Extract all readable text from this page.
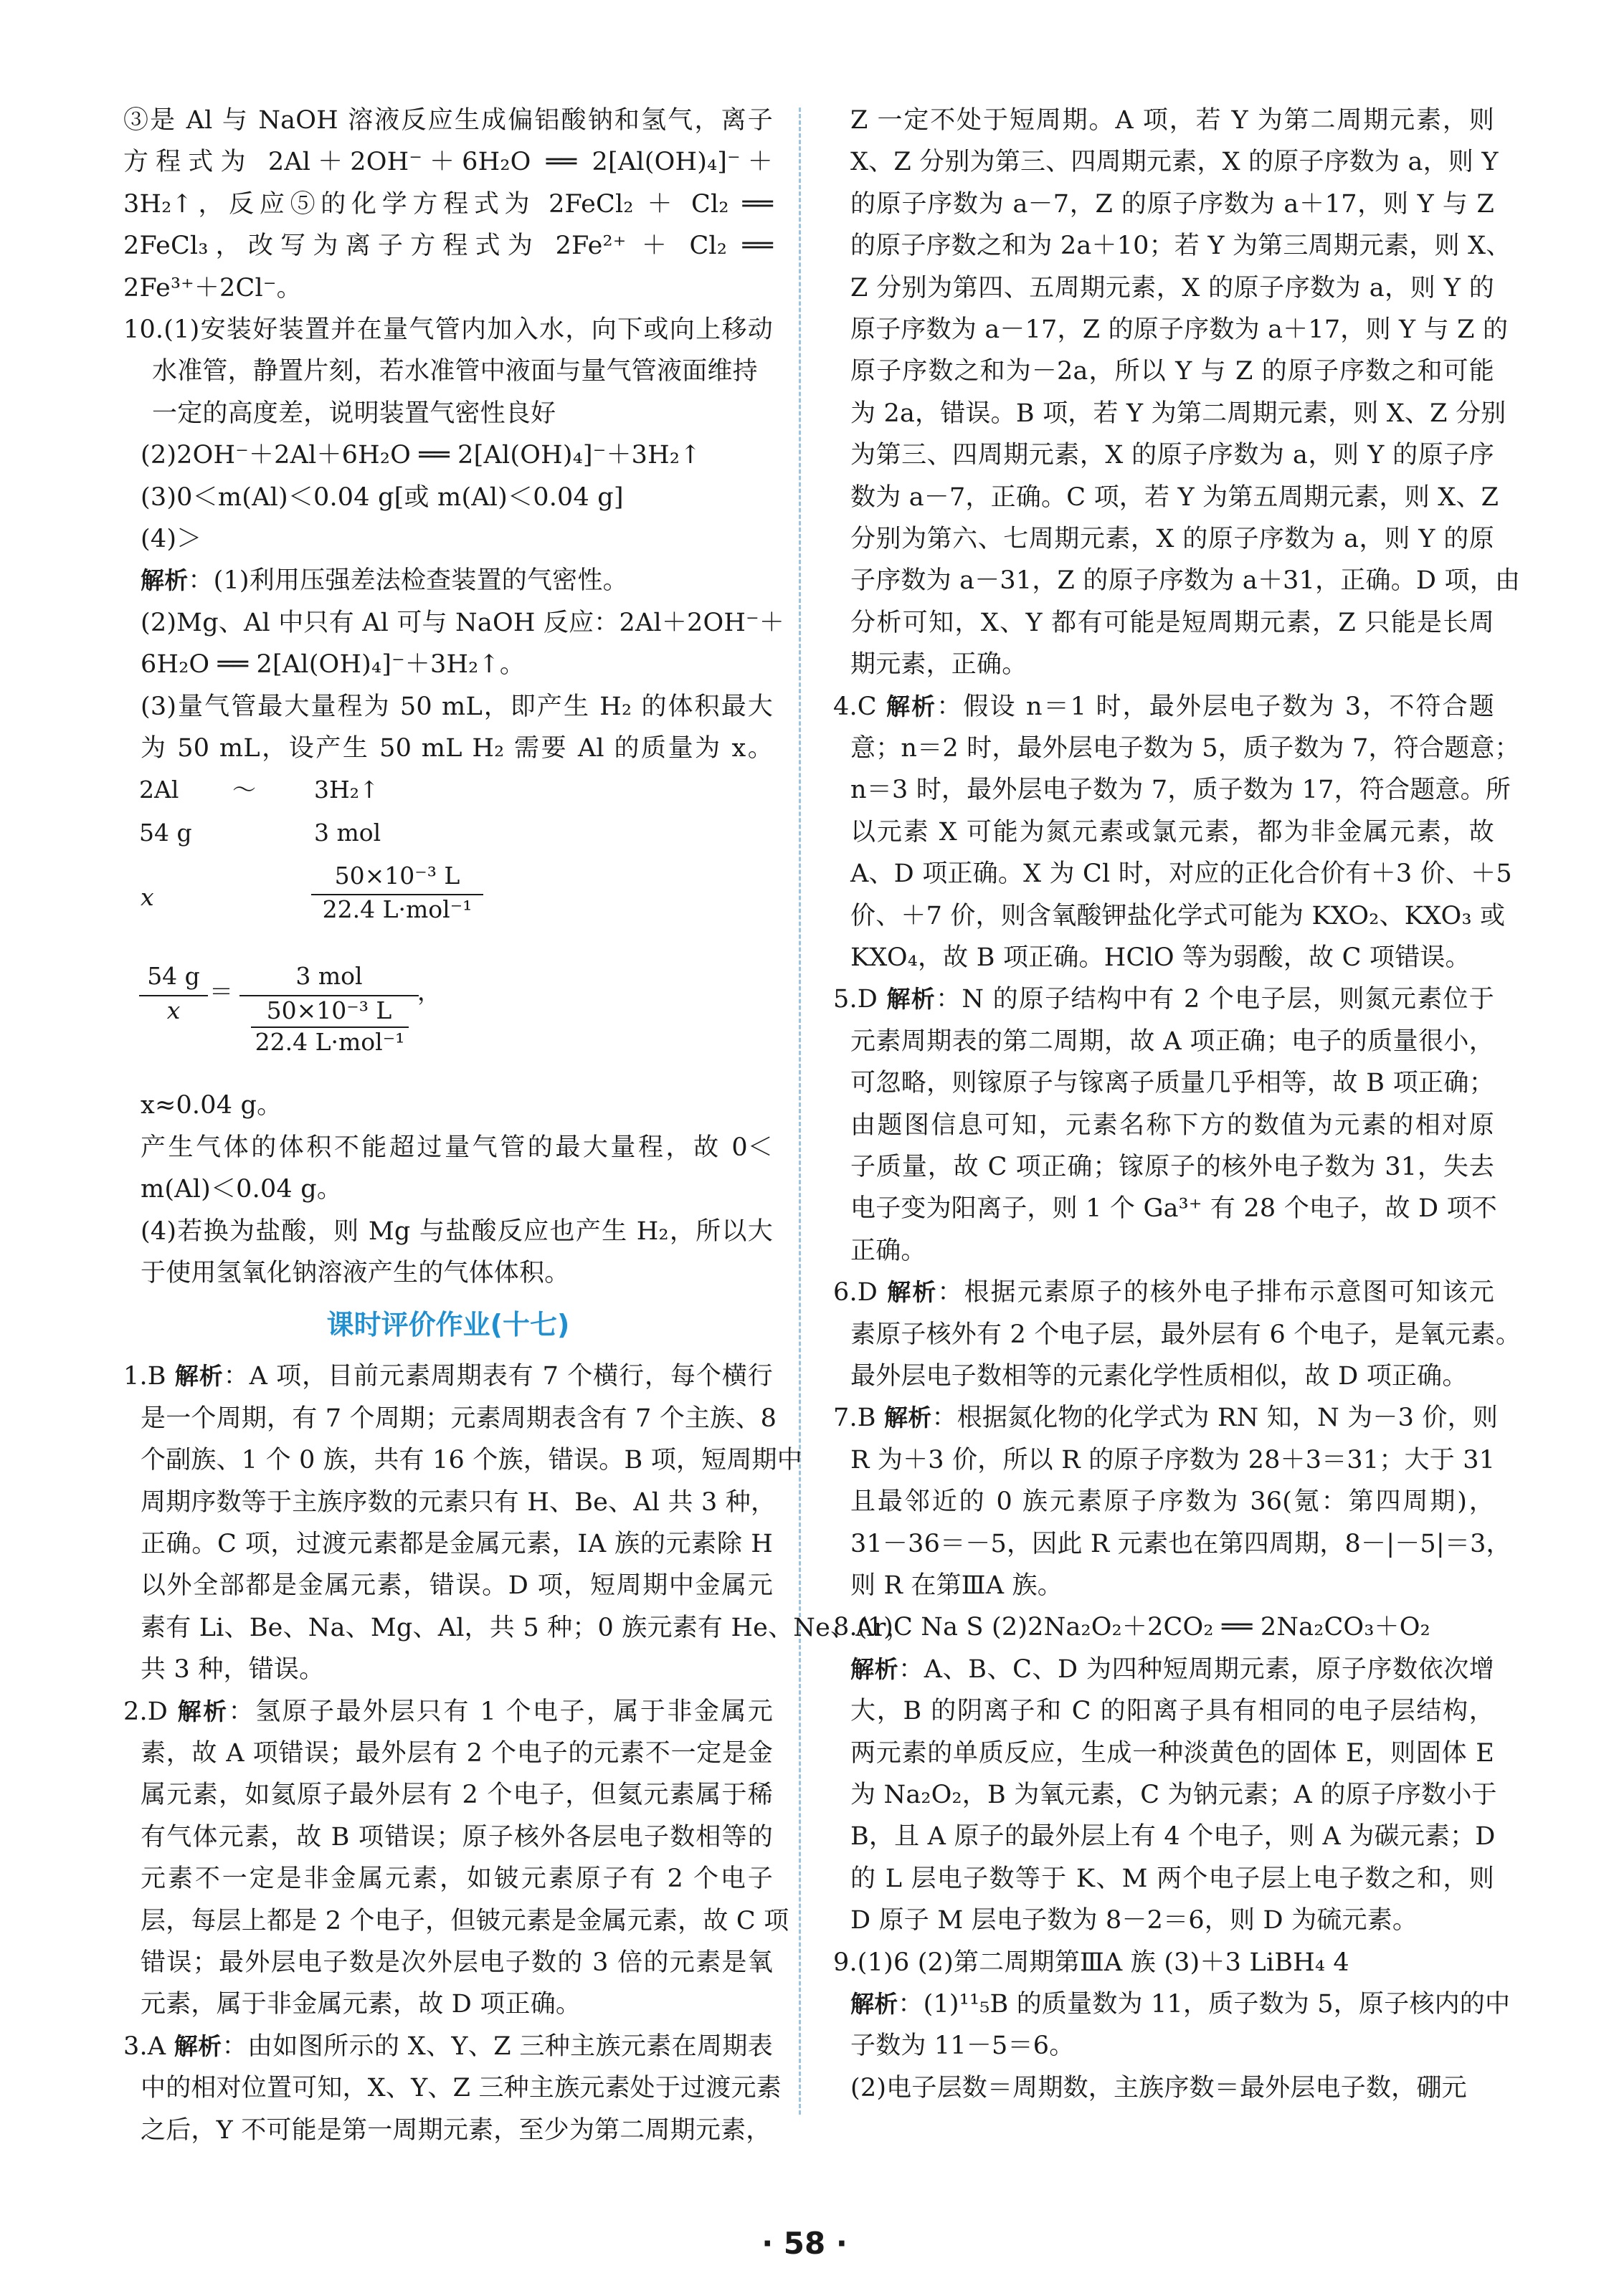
③是 Al 与 NaOH 溶液反应生成偏铝酸钠和氢气，离子
方程式为 2Al＋2OH⁻＋6H₂O ══ 2[Al(OH)₄]⁻＋
3H₂↑，反应⑤的化学方程式为 2FeCl₂ ＋ Cl₂ ══
2FeCl₃，改写为离子方程式为 2Fe²⁺ ＋ Cl₂ ══
2Fe³⁺＋2Cl⁻。
10.(1)安装好装置并在量气管内加入水，向下或向上移动
水准管，静置片刻，若水准管中液面与量气管液面维持
一定的高度差，说明装置气密性良好
(2)2OH⁻＋2Al＋6H₂O ══ 2[Al(OH)₄]⁻＋3H₂↑
(3)0＜m(Al)＜0.04 g[或 m(Al)＜0.04 g]
(4)＞
解析：(1)利用压强差法检查装置的气密性。
(2)Mg、Al 中只有 Al 可与 NaOH 反应：2Al＋2OH⁻＋
6H₂O ══ 2[Al(OH)₄]⁻＋3H₂↑。
(3)量气管最大量程为 50 mL，即产生 H₂ 的体积最大
为 50 mL，设产生 50 mL H₂ 需要 Al 的质量为 x。
2Al ～ 3H₂↑
54 g	3 mol
x
50×10⁻³ L
22.4 L·mol⁻¹
54 g
x
＝
3 mol
50×10⁻³ L
22.4 L·mol⁻¹
，
x≈0.04 g。
产生气体的体积不能超过量气管的最大量程，故 0＜
m(Al)＜0.04 g。
(4)若换为盐酸，则 Mg 与盐酸反应也产生 H₂，所以大
于使用氢氧化钠溶液产生的气体体积。
课时评价作业(十七)
1.B 解析：A 项，目前元素周期表有 7 个横行，每个横行
是一个周期，有 7 个周期；元素周期表含有 7 个主族、8
个副族、1 个 0 族，共有 16 个族，错误。B 项，短周期中
周期序数等于主族序数的元素只有 H、Be、Al 共 3 种，
正确。C 项，过渡元素都是金属元素，ⅠA 族的元素除 H
以外全部都是金属元素，错误。D 项，短周期中金属元
素有 Li、Be、Na、Mg、Al，共 5 种；0 族元素有 He、Ne、Ar，
共 3 种，错误。
2.D 解析：氢原子最外层只有 1 个电子，属于非金属元
素，故 A 项错误；最外层有 2 个电子的元素不一定是金
属元素，如氦原子最外层有 2 个电子，但氦元素属于稀
有气体元素，故 B 项错误；原子核外各层电子数相等的
元素不一定是非金属元素，如铍元素原子有 2 个电子
层，每层上都是 2 个电子，但铍元素是金属元素，故 C 项
错误；最外层电子数是次外层电子数的 3 倍的元素是氧
元素，属于非金属元素，故 D 项正确。
3.A 解析：由如图所示的 X、Y、Z 三种主族元素在周期表
中的相对位置可知，X、Y、Z 三种主族元素处于过渡元素
之后，Y 不可能是第一周期元素，至少为第二周期元素，
Z 一定不处于短周期。A 项，若 Y 为第二周期元素，则
X、Z 分别为第三、四周期元素，X 的原子序数为 a，则 Y
的原子序数为 a－7，Z 的原子序数为 a＋17，则 Y 与 Z
的原子序数之和为 2a＋10；若 Y 为第三周期元素，则 X、
Z 分别为第四、五周期元素，X 的原子序数为 a，则 Y 的
原子序数为 a－17，Z 的原子序数为 a＋17，则 Y 与 Z 的
原子序数之和为－2a，所以 Y 与 Z 的原子序数之和可能
为 2a，错误。B 项，若 Y 为第二周期元素，则 X、Z 分别
为第三、四周期元素，X 的原子序数为 a，则 Y 的原子序
数为 a－7，正确。C 项，若 Y 为第五周期元素，则 X、Z
分别为第六、七周期元素，X 的原子序数为 a，则 Y 的原
子序数为 a－31，Z 的原子序数为 a＋31，正确。D 项，由
分析可知，X、Y 都有可能是短周期元素，Z 只能是长周
期元素，正确。
4.C 解析：假设 n＝1 时，最外层电子数为 3，不符合题
意；n＝2 时，最外层电子数为 5，质子数为 7，符合题意；
n＝3 时，最外层电子数为 7，质子数为 17，符合题意。所
以元素 X 可能为氮元素或氯元素，都为非金属元素，故
A、D 项正确。X 为 Cl 时，对应的正化合价有＋3 价、＋5
价、＋7 价，则含氧酸钾盐化学式可能为 KXO₂、KXO₃ 或
KXO₄，故 B 项正确。HClO 等为弱酸，故 C 项错误。
5.D 解析：N 的原子结构中有 2 个电子层，则氮元素位于
元素周期表的第二周期，故 A 项正确；电子的质量很小，
可忽略，则镓原子与镓离子质量几乎相等，故 B 项正确；
由题图信息可知，元素名称下方的数值为元素的相对原
子质量，故 C 项正确；镓原子的核外电子数为 31，失去
电子变为阳离子，则 1 个 Ga³⁺ 有 28 个电子，故 D 项不
正确。
6.D 解析：根据元素原子的核外电子排布示意图可知该元
素原子核外有 2 个电子层，最外层有 6 个电子，是氧元素。
最外层电子数相等的元素化学性质相似，故 D 项正确。
7.B 解析：根据氮化物的化学式为 RN 知，N 为－3 价，则
R 为＋3 价，所以 R 的原子序数为 28＋3＝31；大于 31
且最邻近的 0 族元素原子序数为 36(氪：第四周期)，
31－36＝－5，因此 R 元素也在第四周期，8－|－5|＝3，
则 R 在第ⅢA 族。
8.(1)C Na S (2)2Na₂O₂＋2CO₂ ══ 2Na₂CO₃＋O₂
解析：A、B、C、D 为四种短周期元素，原子序数依次增
大，B 的阴离子和 C 的阳离子具有相同的电子层结构，
两元素的单质反应，生成一种淡黄色的固体 E，则固体 E
为 Na₂O₂，B 为氧元素，C 为钠元素；A 的原子序数小于
B，且 A 原子的最外层上有 4 个电子，则 A 为碳元素；D
的 L 层电子数等于 K、M 两个电子层上电子数之和，则
D 原子 M 层电子数为 8－2＝6，则 D 为硫元素。
9.(1)6 (2)第二周期第ⅢA 族 (3)＋3 LiBH₄ 4
解析：(1)¹¹₅B 的质量数为 11，质子数为 5，原子核内的中
子数为 11－5＝6。
(2)电子层数＝周期数，主族序数＝最外层电子数，硼元
· 58 ·
